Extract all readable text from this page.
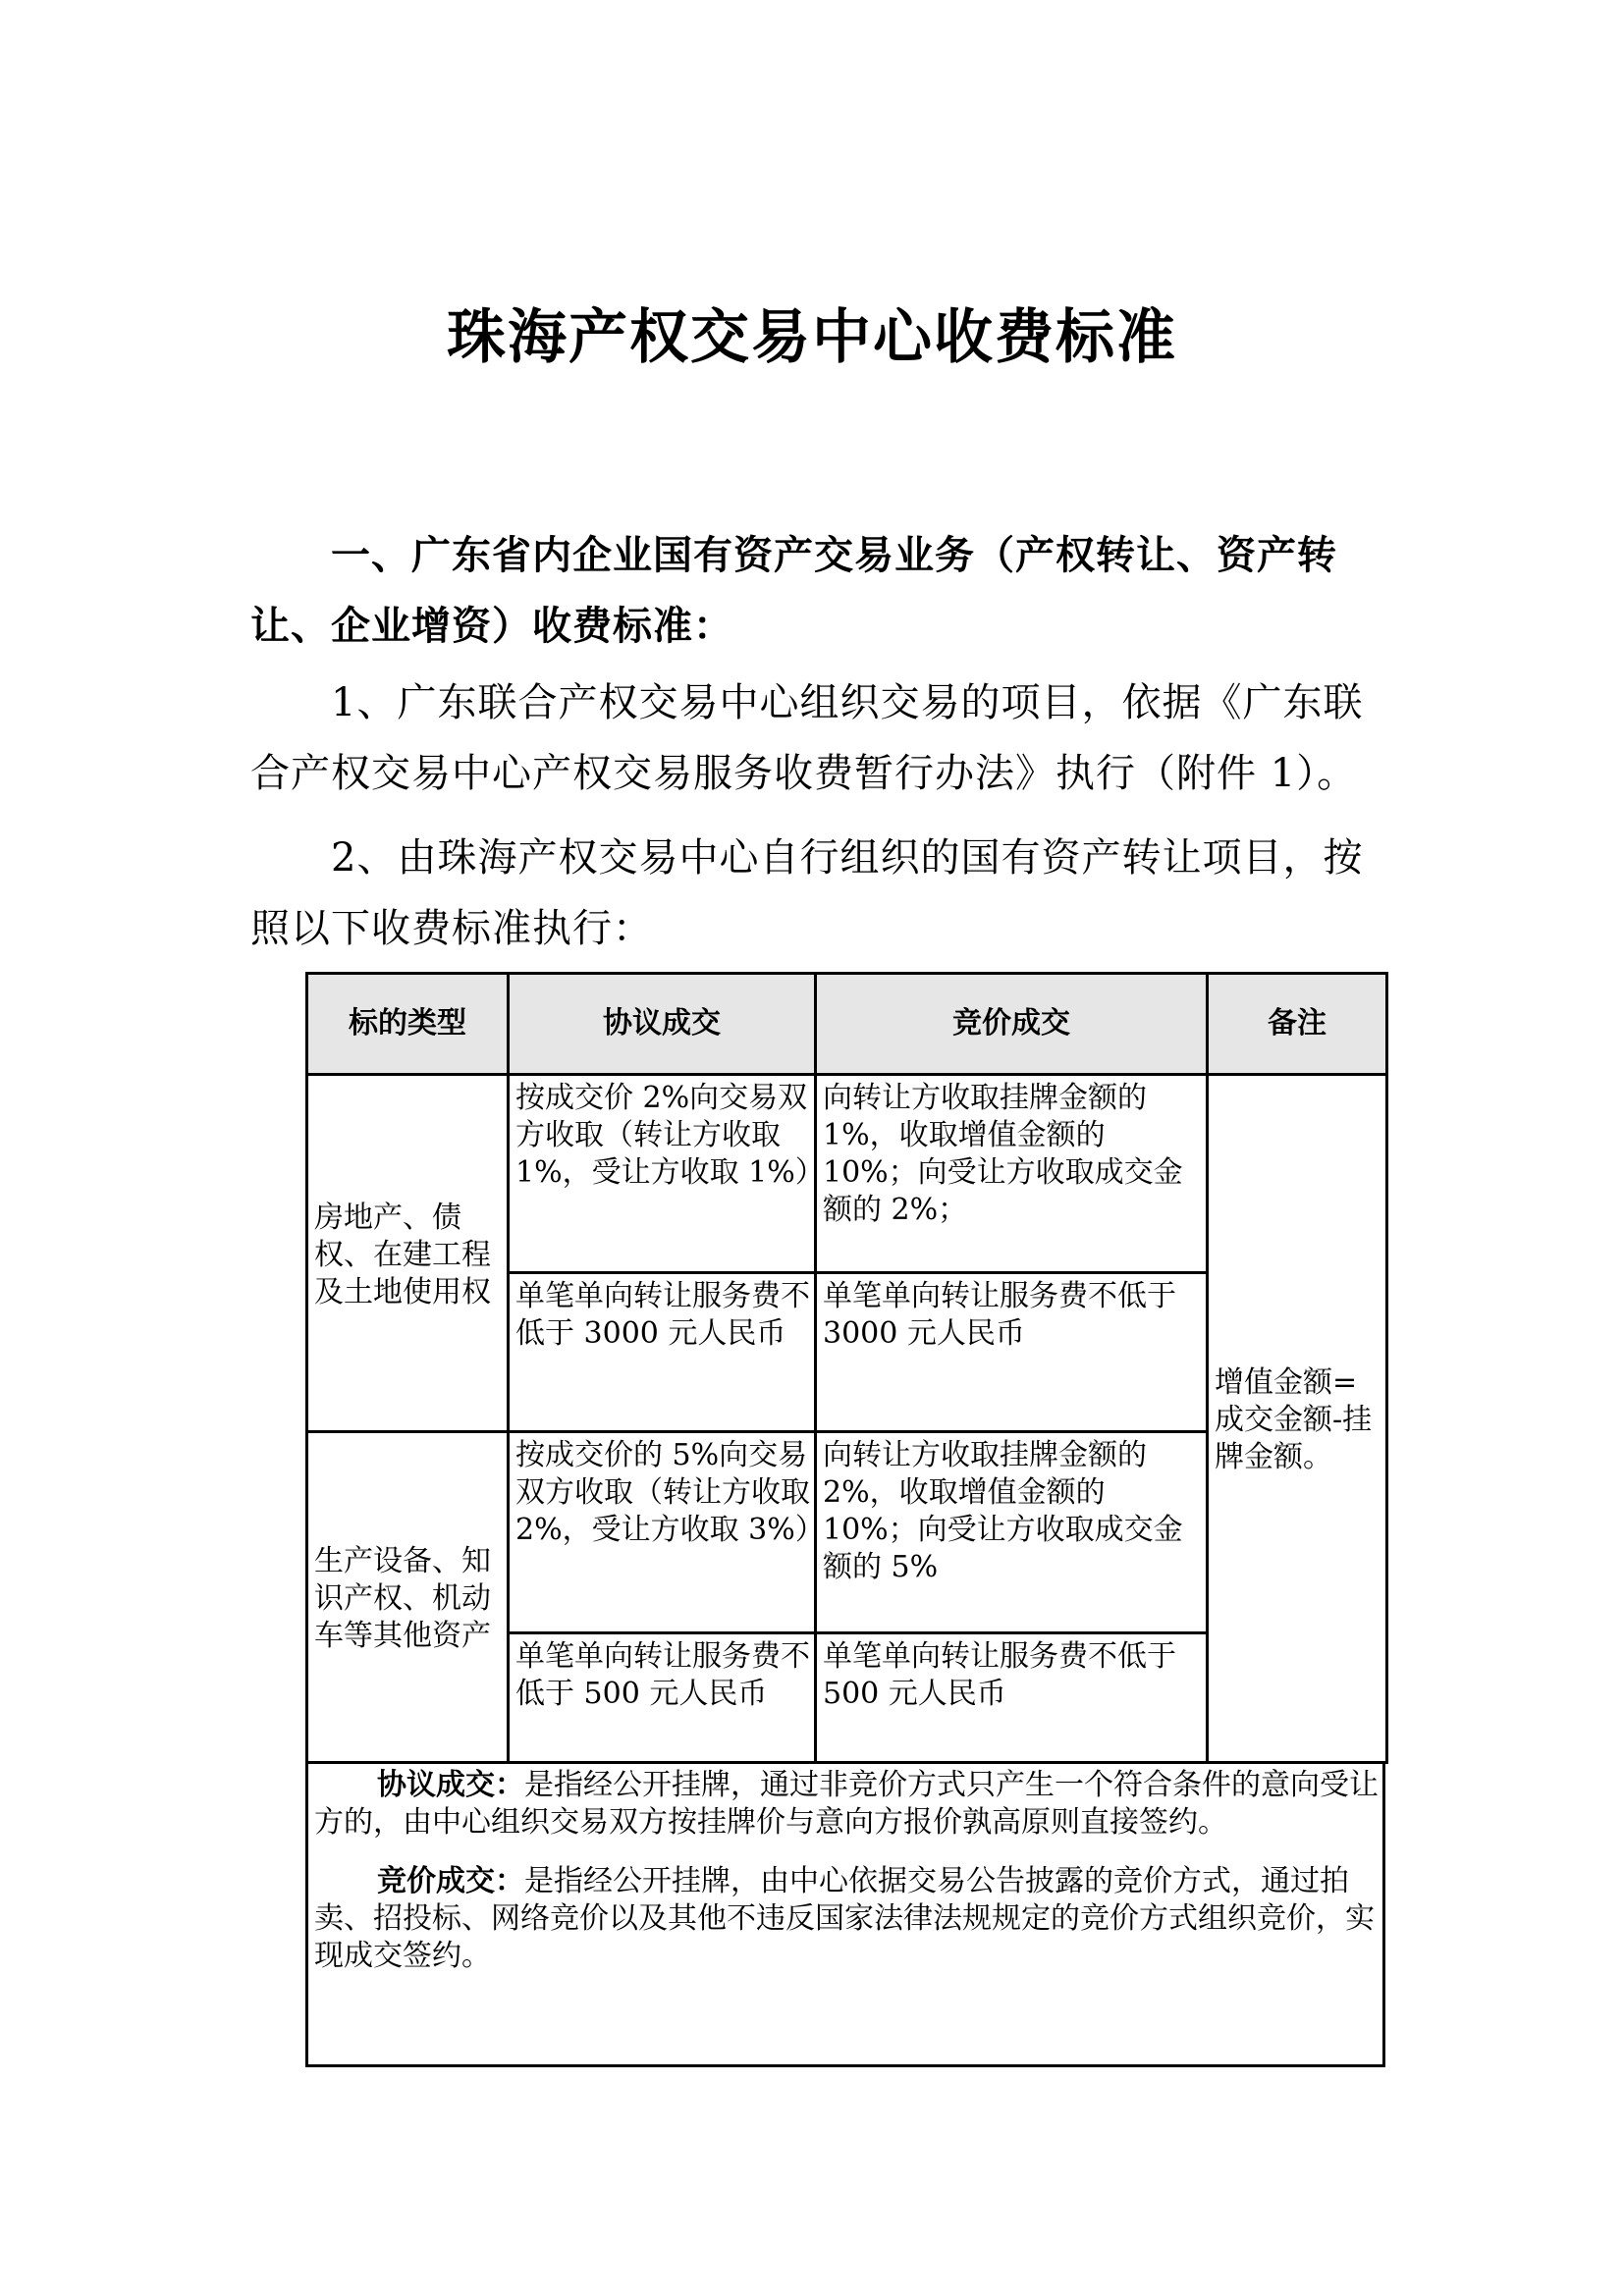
珠海产权交易中心收费标准

一、广东省内企业国有资产交易业务（产权转让、资产转让、企业增资）收费标准：

1、广东联合产权交易中心组织交易的项目，依据《广东联合产权交易中心产权交易服务收费暂行办法》执行（附件 1）。

2、由珠海产权交易中心自行组织的国有资产转让项目，按照以下收费标准执行：

标的类型	协议成交	竞价成交	备注
房地产、债权、在建工程及土地使用权	按成交价 2%向交易双方收取（转让方收取 1%，受让方收取 1%）	向转让方收取挂牌金额的 1%，收取增值金额的 10%；向受让方收取成交金额的 2%；	增值金额=成交金额-挂牌金额。
	单笔单向转让服务费不低于 3000 元人民币	单笔单向转让服务费不低于 3000 元人民币	
生产设备、知识产权、机动车等其他资产	按成交价的 5%向交易双方收取（转让方收取 2%，受让方收取 3%）	向转让方收取挂牌金额的 2%，收取增值金额的 10%；向受让方收取成交金额的 5%	
	单笔单向转让服务费不低于 500 元人民币	单笔单向转让服务费不低于 500 元人民币	

协议成交：是指经公开挂牌，通过非竞价方式只产生一个符合条件的意向受让方的，由中心组织交易双方按挂牌价与意向方报价孰高原则直接签约。

竞价成交：是指经公开挂牌，由中心依据交易公告披露的竞价方式，通过拍卖、招投标、网络竞价以及其他不违反国家法律法规规定的竞价方式组织竞价，实现成交签约。
